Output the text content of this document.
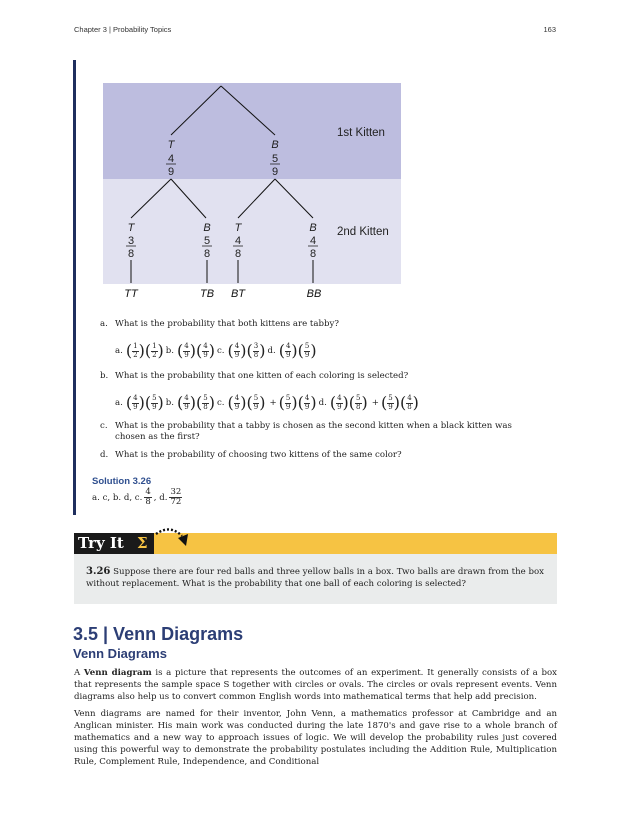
Chapter 3 | Probability Topics	163
1st Kitten
2nd Kitten
T
4
9
B
5
9
T
3
8
B
5
8
T
4
8
B
4
8
TT	TB BT	BB
a. What is the probability that both kittens are tabby?
a. ( $\frac{1}{2}$ ) ( $\frac{1}{2}$ ) b. ( $\frac{4}{9}$ ) ( $\frac{4}{9}$ ) c. ( $\frac{4}{9}$ ) ( $\frac{3}{8}$ ) d. ( $\frac{4}{9}$ ) ( $\frac{5}{9}$ )
b. What is the probability that one kitten of each coloring is selected?
a. ( $\frac{4}{9}$ ) ( $\frac{5}{9}$ ) b. ( $\frac{4}{9}$ ) ( $\frac{5}{8}$ ) c. ( $\frac{4}{9}$ ) ( $\frac{5}{9}$ ) + ( $\frac{5}{9}$ ) ( $\frac{4}{9}$ ) d. ( $\frac{4}{9}$ ) ( $\frac{5}{8}$ ) + ( $\frac{5}{9}$ ) ( $\frac{4}{8}$ )
c. What is the probability that a tabby is chosen as the second kitten when a black kitten was chosen as the first?
d. What is the probability of choosing two kittens of the same color?
Solution 3.26
a. c, b. d, c. $\frac{4}{8}$ , d. $\frac{32}{72}$
Try It Σ

3.26 Suppose there are four red balls and three yellow balls in a box. Two balls are drawn from the box without replacement. What is the probability that one ball of each coloring is selected?

3.5 | Venn Diagrams
Venn Diagrams

A Venn diagram is a picture that represents the outcomes of an experiment. It generally consists of a box that represents the sample space S together with circles or ovals. The circles or ovals represent events. Venn diagrams also help us to convert common English words into mathematical terms that help add precision.

Venn diagrams are named for their inventor, John Venn, a mathematics professor at Cambridge and an Anglican minister. His main work was conducted during the late 1870's and gave rise to a whole branch of mathematics and a new way to approach issues of logic. We will develop the probability rules just covered using this powerful way to demonstrate the probability postulates including the Addition Rule, Multiplication Rule, Complement Rule, Independence, and Conditional
